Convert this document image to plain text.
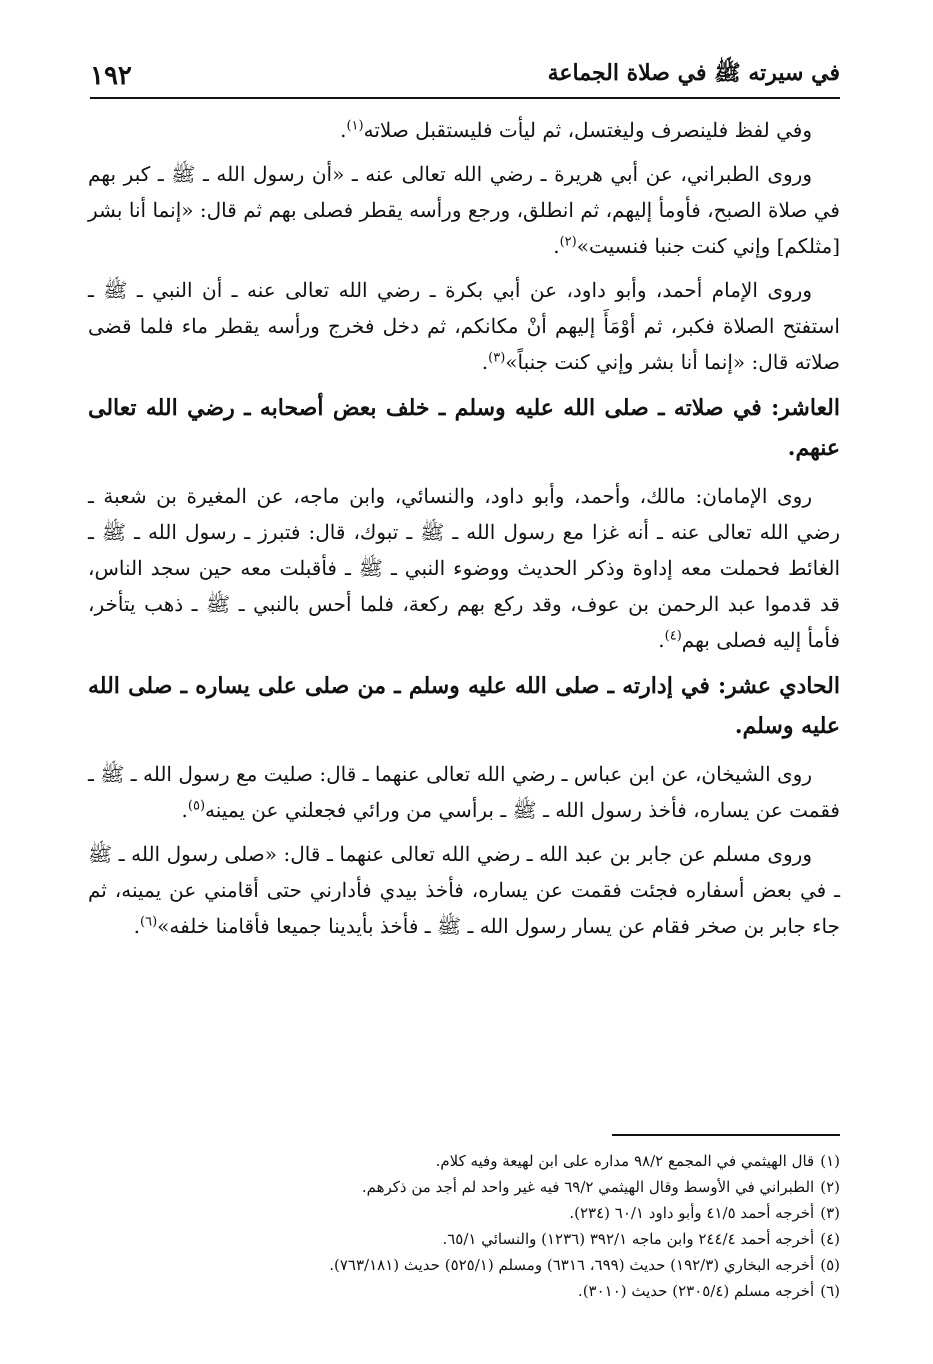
في سيرته ﷺ في صلاة الجماعة
١٩٢

وفي لفظ فلينصرف وليغتسل، ثم ليأت فليستقبل صلاته$^{(١)}$.

وروى الطبراني، عن أبي هريرة ـ رضي الله تعالى عنه ـ «أن رسول الله ـ ﷺ ـ كبر بهم في صلاة الصبح، فأومأ إليهم، ثم انطلق، ورجع ورأسه يقطر فصلى بهم ثم قال: «إنما أنا بشر [مثلكم] وإني كنت جنبا فنسيت»$^{(٢)}$.

وروى الإمام أحمد، وأبو داود، عن أبي بكرة ـ رضي الله تعالى عنه ـ أن النبي ـ ﷺ ـ استفتح الصلاة فكبر، ثم أوْمَأَ إليهم أنْ مكانكم، ثم دخل فخرج ورأسه يقطر ماء فلما قضى صلاته قال: «إنما أنا بشر وإني كنت جنباً»$^{(٣)}$.

العاشر: في صلاته ـ صلى الله عليه وسلم ـ خلف بعض أصحابه ـ رضي الله تعالى عنهم.

روى الإمامان: مالك، وأحمد، وأبو داود، والنسائي، وابن ماجه، عن المغيرة بن شعبة ـ رضي الله تعالى عنه ـ أنه غزا مع رسول الله ـ ﷺ ـ تبوك، قال: فتبرز ـ رسول الله ـ ﷺ ـ الغائط فحملت معه إداوة وذكر الحديث ووضوء النبي ـ ﷺ ـ فأقبلت معه حين سجد الناس، قد قدموا عبد الرحمن بن عوف، وقد ركع بهم ركعة، فلما أحس بالنبي ـ ﷺ ـ ذهب يتأخر، فأمأ إليه فصلى بهم$^{(٤)}$.

الحادي عشر: في إدارته ـ صلى الله عليه وسلم ـ من صلى على يساره ـ صلى الله عليه وسلم.

روى الشيخان، عن ابن عباس ـ رضي الله تعالى عنهما ـ قال: صليت مع رسول الله ـ ﷺ ـ فقمت عن يساره، فأخذ رسول الله ـ ﷺ ـ برأسي من ورائي فجعلني عن يمينه$^{(٥)}$.

وروى مسلم عن جابر بن عبد الله ـ رضي الله تعالى عنهما ـ قال: «صلى رسول الله ـ ﷺ ـ في بعض أسفاره فجئت فقمت عن يساره، فأخذ بيدي فأدارني حتى أقامني عن يمينه، ثم جاء جابر بن صخر فقام عن يسار رسول الله ـ ﷺ ـ فأخذ بأيدينا جميعا فأقامنا خلفه»$^{(٦)}$.

(١)قال الهيثمي في المجمع ٩٨/٢ مداره على ابن لهيعة وفيه كلام.

(٢)الطبراني في الأوسط وقال الهيثمي ٦٩/٢ فيه غير واحد لم أجد من ذكرهم.

(٣)أخرجه أحمد ٤١/٥ وأبو داود ٦٠/١ (٢٣٤).

(٤)أخرجه أحمد ٢٤٤/٤ وابن ماجه ٣٩٢/١ (١٢٣٦) والنسائي ٦٥/١.

(٥)أخرجه البخاري (١٩٢/٣) حديث (٦٩٩، ٦٣١٦) ومسلم (٥٢٥/١) حديث (٧٦٣/١٨١).

(٦)أخرجه مسلم (٢٣٠٥/٤) حديث (٣٠١٠).
